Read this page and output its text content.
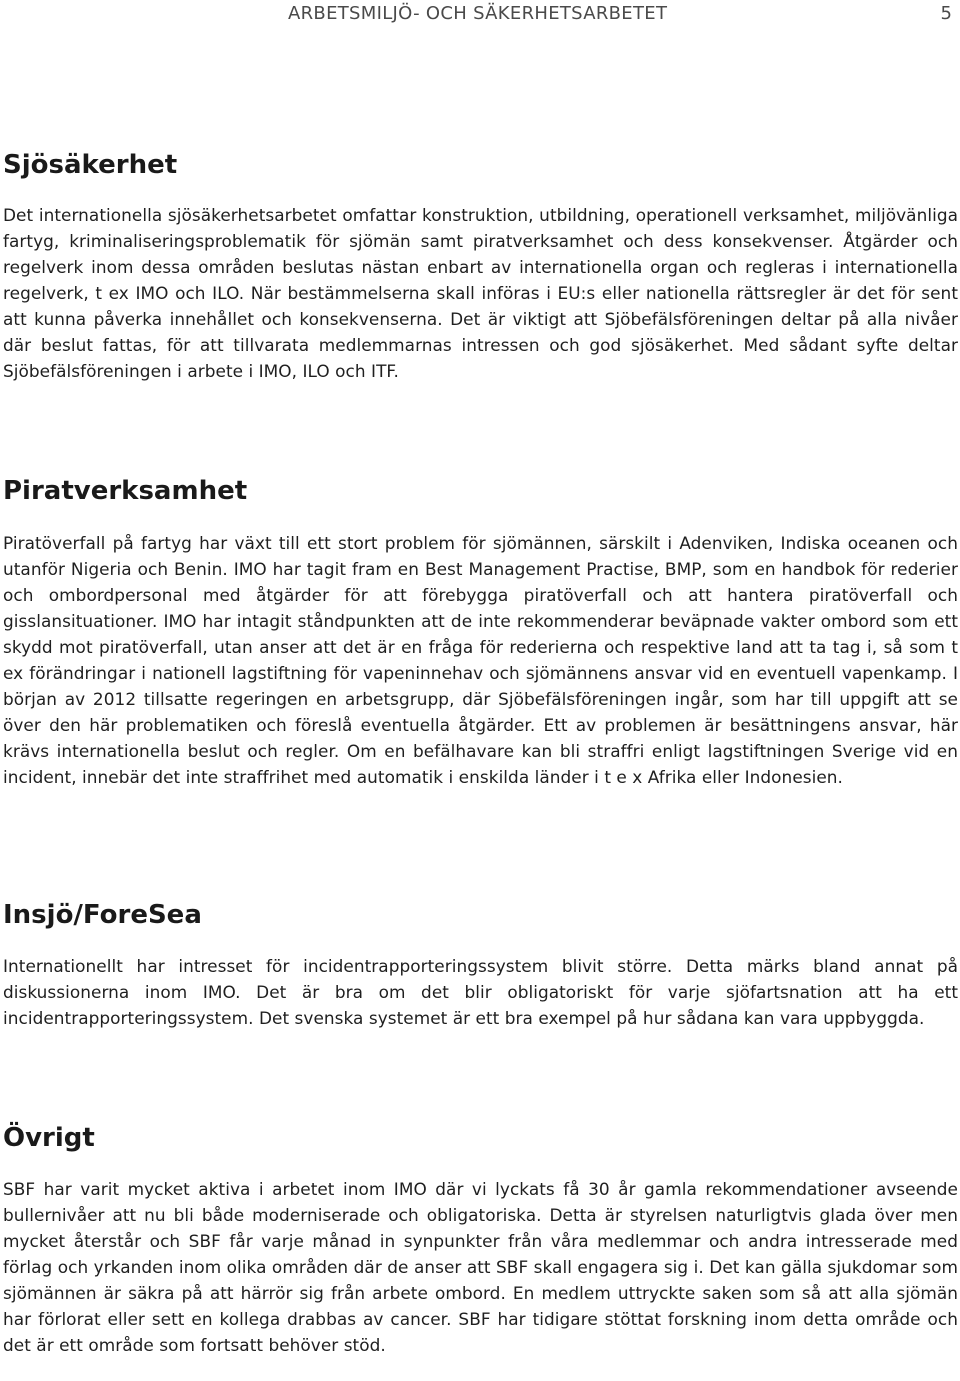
ARBETSMILJÖ- OCH SÄKERHETSARBETET	5
Sjösäkerhet

Det internationella sjösäkerhetsarbetet omfattar konstruktion, utbildning, operationell verksamhet, miljövänliga fartyg, kriminaliseringsproblematik för sjömän samt piratverksamhet och dess konsekvenser. Åtgärder och regelverk inom dessa områden beslutas nästan enbart av internationella organ och regleras i internationella regelverk, t ex IMO och ILO. När bestämmelserna skall införas i EU:s eller nationella rättsregler är det för sent att kunna påverka innehållet och konsekvenserna. Det är viktigt att Sjöbefälsföreningen deltar på alla nivåer där beslut fattas, för att tillvarata medlemmarnas intressen och god sjösäkerhet. Med sådant syfte deltar Sjöbefälsföreningen i arbete i IMO, ILO och ITF.

Piratverksamhet

Piratöverfall på fartyg har växt till ett stort problem för sjömännen, särskilt i Adenviken, Indiska oceanen och utanför Nigeria och Benin. IMO har tagit fram en Best Management Practise, BMP, som en handbok för rederier och ombordpersonal med åtgärder för att förebygga piratöverfall och att hantera piratöverfall och gisslansituationer. IMO har intagit ståndpunkten att de inte rekommenderar beväpnade vakter ombord som ett skydd mot piratöverfall, utan anser att det är en fråga för rederierna och respektive land att ta tag i, så som t ex förändringar i nationell lagstiftning för vapeninnehav och sjömännens ansvar vid en eventuell vapenkamp. I början av 2012 tillsatte regeringen en arbetsgrupp, där Sjöbefälsföreningen ingår, som har till uppgift att se över den här problematiken och föreslå eventuella åtgärder. Ett av problemen är besättningens ansvar, här krävs internationella beslut och regler. Om en befälhavare kan bli straffri enligt lagstiftningen Sverige vid en incident, innebär det inte straffrihet med automatik i enskilda länder i t e x Afrika eller Indonesien.

Insjö/ForeSea

Internationellt har intresset för incidentrapporteringssystem blivit större. Detta märks bland annat på diskussionerna inom IMO. Det är bra om det blir obligatoriskt för varje sjöfartsnation att ha ett incidentrapporteringssystem. Det svenska systemet är ett bra exempel på hur sådana kan vara uppbyggda.

Övrigt

SBF har varit mycket aktiva i arbetet inom IMO där vi lyckats få 30 år gamla rekommendationer avseende bullernivåer att nu bli både moderniserade och obligatoriska. Detta är styrelsen naturligtvis glada över men mycket återstår och SBF får varje månad in synpunkter från våra medlemmar och andra intresserade med förlag och yrkanden inom olika områden där de anser att SBF skall engagera sig i. Det kan gälla sjukdomar som sjömännen är säkra på att härrör sig från arbete ombord. En medlem uttryckte saken som så att alla sjömän har förlorat eller sett en kollega drabbas av cancer. SBF har tidigare stöttat forskning inom detta område och det är ett område som fortsatt behöver stöd.
